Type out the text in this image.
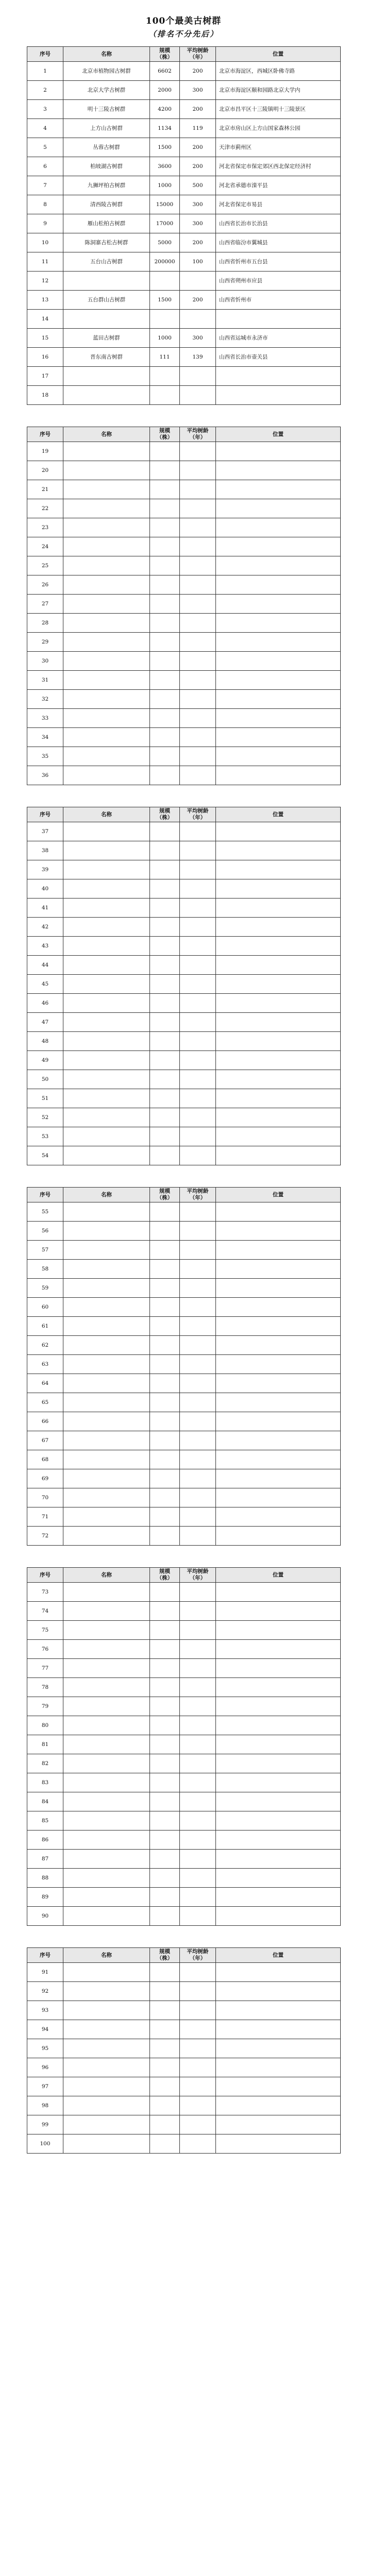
100个最美古树群
（排名不分先后）
序号	名称	规模（株）	平均树龄（年）	位置
1	北京市植物园古树群	6602	200	北京市海淀区，西城区卧佛寺路
2	北京大学古树群	2000	300	北京市海淀区颐和园路北京大学内
3	明十三陵古树群	4200	200	北京市昌平区十三陵镇明十三陵景区
4	上方山古树群	1134	119	北京市房山区上方山国家森林公园
5	丛蓉古树群	1500	200	天津市蓟州区
6	柏坡湖古树群	3600	200	河北省保定市保定郊区西北保定经济村
7	九狮坪柏古树群	1000	500	河北省承德市滦平县
8	清西陵古树群	15000	300	河北省保定市易县
9	雁山松柏古树群	17000	300	山西省长治市长治县
10	陈洞寨古松古树群	5000	200	山西省临汾市翼城县
11	五台山古树群	200000	100	山西省忻州市五台县
12				山西省朔州市应县
13	五台群山古树群	1500	200	山西省忻州市
14				
15	蓝田古树群	1000	300	山西省运城市永济市
16	晋东南古树群	111	139	山西省长治市壶关县
17				
18				
序号	名称	规模（株）	平均树龄（年）	位置
19				
20				
21				
22				
23				
24				
25				
26				
27				
28				
29				
30				
31				
32				
33				
34				
35				
36				
序号	名称	规模（株）	平均树龄（年）	位置
37				
38				
39				
40				
41				
42				
43				
44				
45				
46				
47				
48				
49				
50				
51				
52				
53				
54				
序号	名称	规模（株）	平均树龄（年）	位置
55				
56				
57				
58				
59				
60				
61				
62				
63				
64				
65				
66				
67				
68				
69				
70				
71				
72				
序号	名称	规模（株）	平均树龄（年）	位置
73				
74				
75				
76				
77				
78				
79				
80				
81				
82				
83				
84				
85				
86				
87				
88				
89				
90				
序号	名称	规模（株）	平均树龄（年）	位置
91				
92				
93				
94				
95				
96				
97				
98				
99				
100				
